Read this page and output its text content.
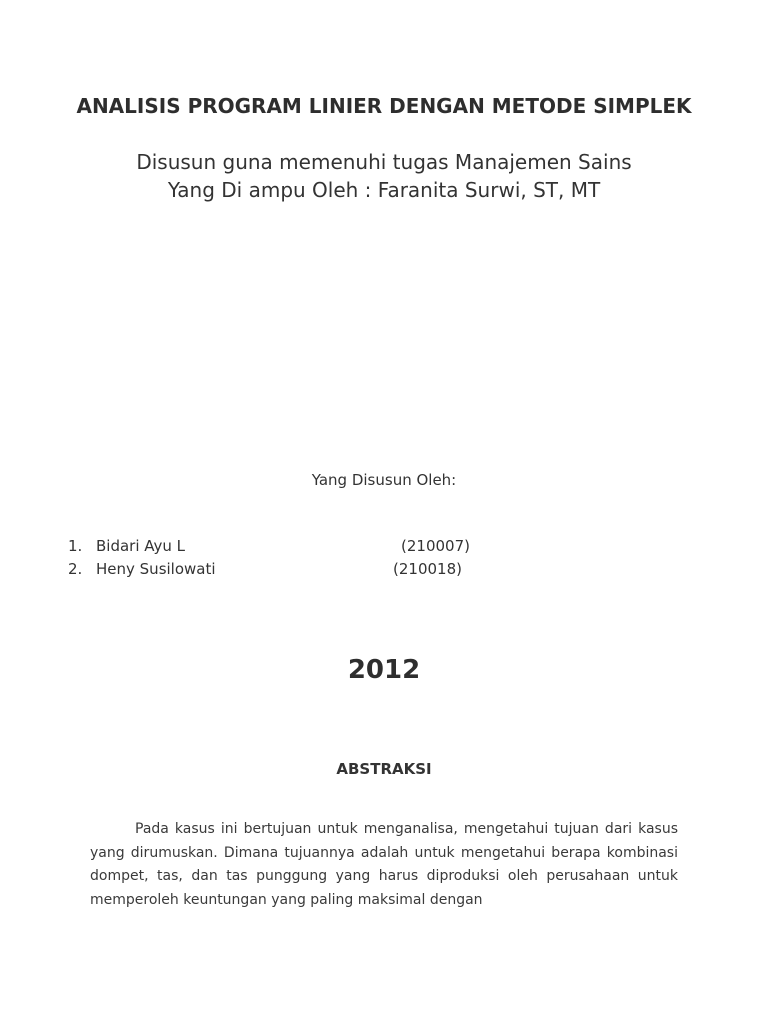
ANALISIS PROGRAM LINIER DENGAN METODE SIMPLEK
Disusun guna memenuhi tugas Manajemen Sains
Yang Di ampu Oleh : Faranita Surwi, ST, MT
Yang Disusun Oleh:
1. Bidari Ayu L	(210007)
2. Heny Susilowati	(210018)
2012
ABSTRAKSI
Pada kasus ini bertujuan untuk menganalisa, mengetahui tujuan dari kasus yang dirumuskan. Dimana tujuannya adalah untuk mengetahui berapa kombinasi dompet, tas, dan tas punggung yang harus diproduksi oleh perusahaan untuk memperoleh keuntungan yang paling maksimal dengan
